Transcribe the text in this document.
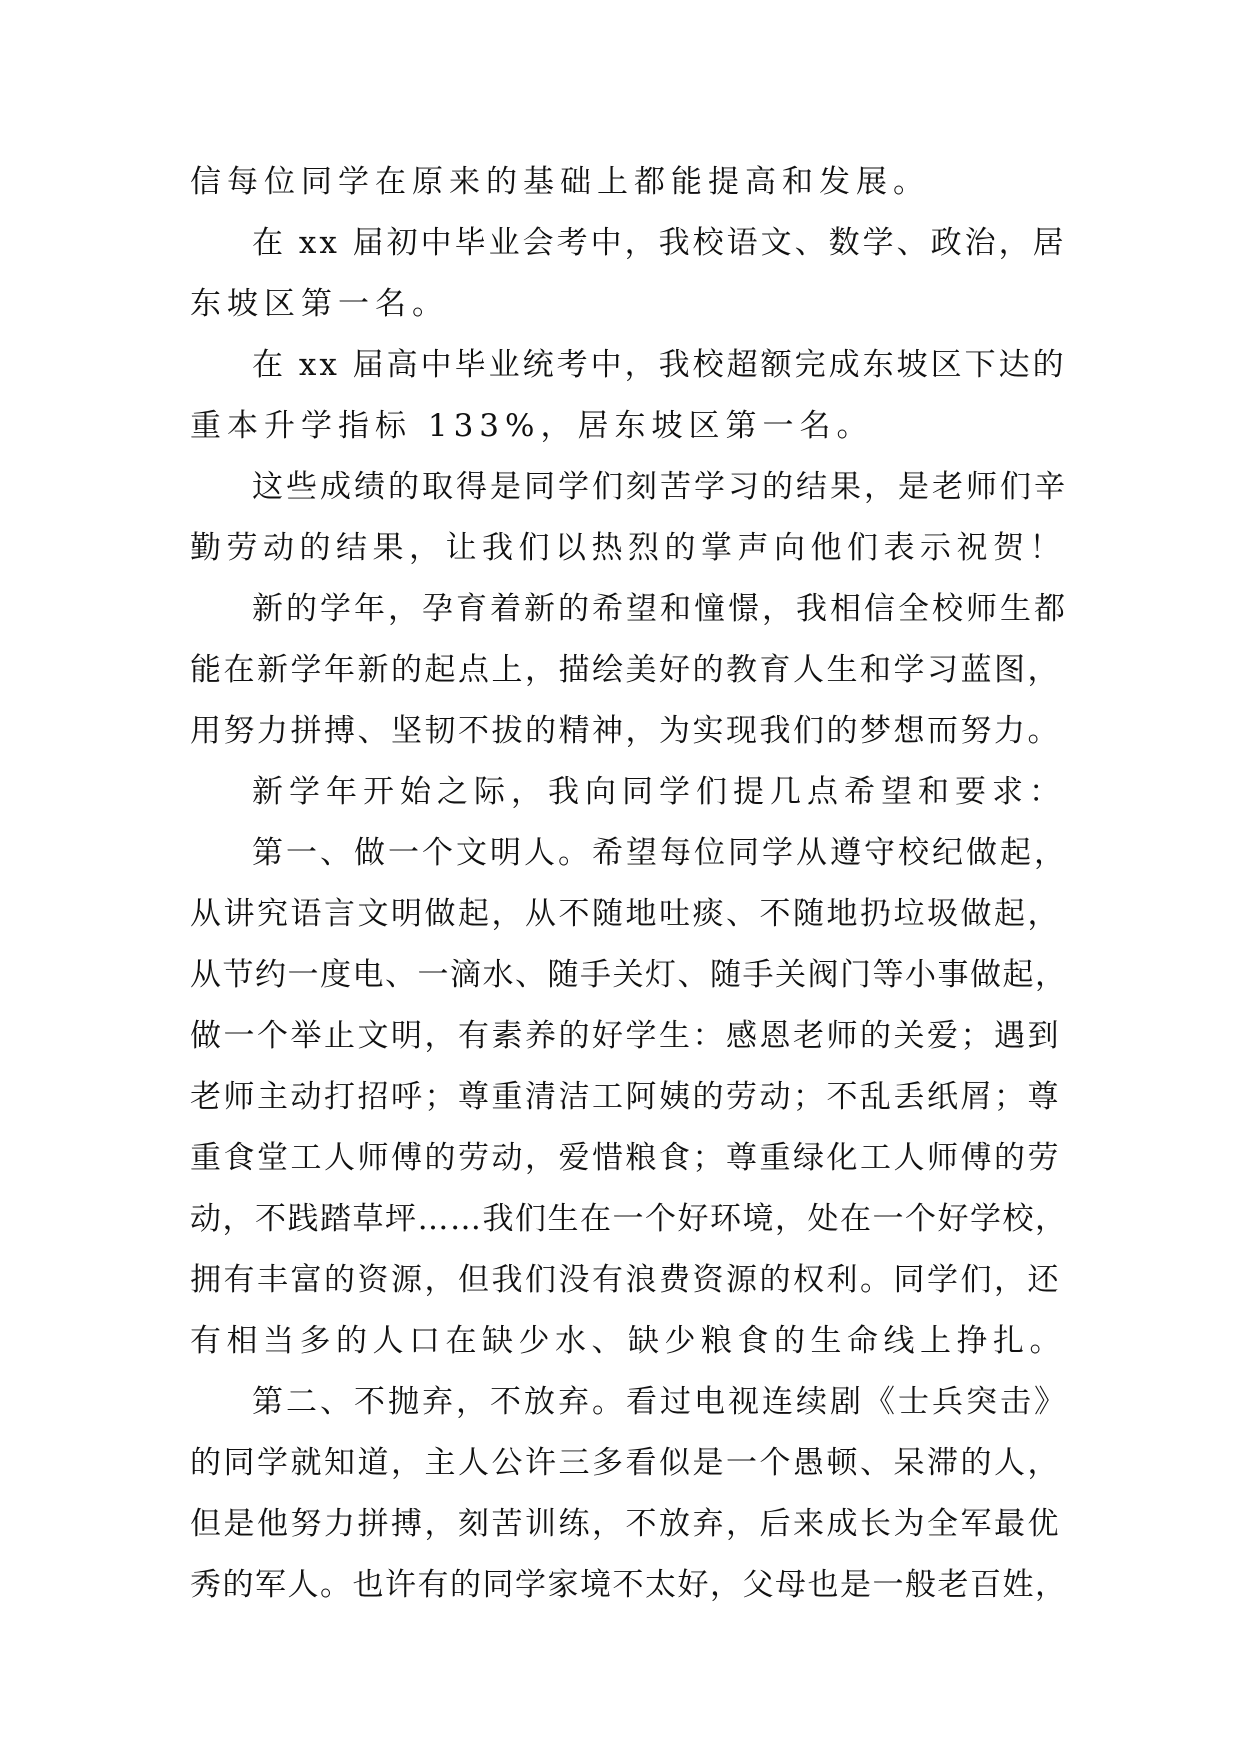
信每位同学在原来的基础上都能提高和发展。
在 xx 届初中毕业会考中，我校语文、数学、政治，居
东坡区第一名。
在 xx 届高中毕业统考中，我校超额完成东坡区下达的
重本升学指标 133%，居东坡区第一名。
这些成绩的取得是同学们刻苦学习的结果，是老师们辛
勤劳动的结果，让我们以热烈的掌声向他们表示祝贺！
新的学年，孕育着新的希望和憧憬，我相信全校师生都
能在新学年新的起点上，描绘美好的教育人生和学习蓝图，
用努力拼搏、坚韧不拔的精神，为实现我们的梦想而努力。
新学年开始之际，我向同学们提几点希望和要求：
第一、做一个文明人。希望每位同学从遵守校纪做起，
从讲究语言文明做起，从不随地吐痰、不随地扔垃圾做起，
从节约一度电、一滴水、随手关灯、随手关阀门等小事做起，
做一个举止文明，有素养的好学生：感恩老师的关爱；遇到
老师主动打招呼；尊重清洁工阿姨的劳动；不乱丢纸屑；尊
重食堂工人师傅的劳动，爱惜粮食；尊重绿化工人师傅的劳
动，不践踏草坪……我们生在一个好环境，处在一个好学校，
拥有丰富的资源，但我们没有浪费资源的权利。同学们，还
有相当多的人口在缺少水、缺少粮食的生命线上挣扎。
第二、不抛弃，不放弃。看过电视连续剧《士兵突击》
的同学就知道，主人公许三多看似是一个愚顿、呆滞的人，
但是他努力拼搏，刻苦训练，不放弃，后来成长为全军最优
秀的军人。也许有的同学家境不太好，父母也是一般老百姓，
